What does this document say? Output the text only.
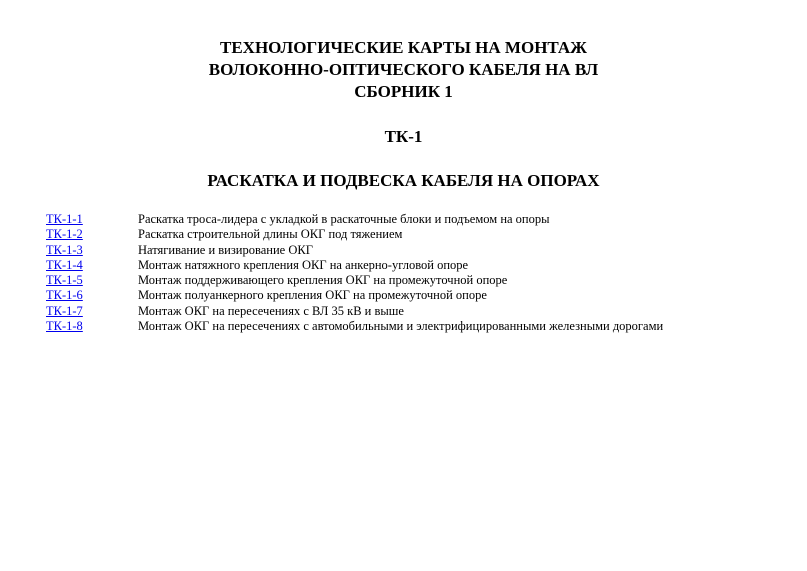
ТЕХНОЛОГИЧЕСКИЕ КАРТЫ НА МОНТАЖ
ВОЛОКОННО-ОПТИЧЕСКОГО КАБЕЛЯ НА ВЛ
СБОРНИК 1
ТК-1
РАСКАТКА И ПОДВЕСКА КАБЕЛЯ НА ОПОРАХ
ТК-1-1	Раскатка троса-лидера с укладкой в раскаточные блоки и подъемом на опоры
ТК-1-2	Раскатка строительной длины ОКГ под тяжением
ТК-1-3	Натягивание и визирование ОКГ
ТК-1-4	Монтаж натяжного крепления ОКГ на анкерно-угловой опоре
ТК-1-5	Монтаж поддерживающего крепления ОКГ на промежуточной опоре
ТК-1-6	Монтаж полуанкерного крепления ОКГ на промежуточной опоре
ТК-1-7	Монтаж ОКГ на пересечениях с ВЛ 35 кВ и выше
ТК-1-8	Монтаж ОКГ на пересечениях с автомобильными и электрифицированными железными дорогами
